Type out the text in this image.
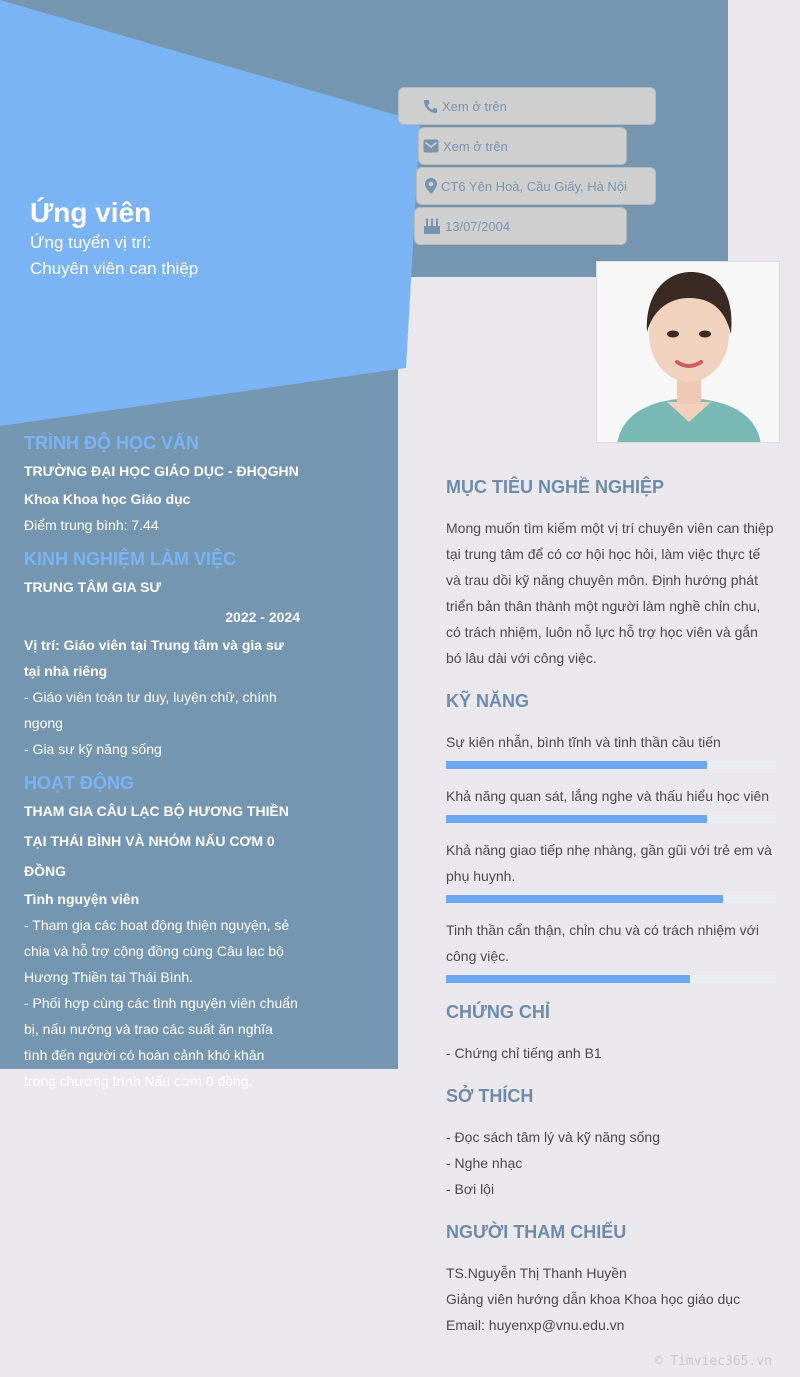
Ứng viên
Ứng tuyển vị trí:
Chuyên viên can thiệp
Xem ở trên
Xem ở trên
CT6 Yên Hoà, Cầu Giấy, Hà Nội
13/07/2004
TRÌNH ĐỘ HỌC VẤN
TRƯỜNG ĐẠI HỌC GIÁO DỤC - ĐHQGHN
Khoa Khoa học Giáo dục
Điểm trung bình: 7.44
KINH NGHIỆM LÀM VIỆC
TRUNG TÂM GIA SƯ
2022 - 2024
Vị trí: Giáo viên tại Trung tâm và gia sư tại nhà riêng
- Giáo viên toán tư duy, luyện chữ, chính ngọng
- Gia sư kỹ năng sống
HOẠT ĐỘNG
THAM GIA CÂU LẠC BỘ HƯƠNG THIỀN TẠI THÁI BÌNH VÀ NHÓM NẤU CƠM 0 ĐỒNG
Tình nguyện viên
- Tham gia các hoạt động thiện nguyện, sẻ chia và hỗ trợ cộng đồng cùng Câu lạc bộ Hương Thiền tại Thái Bình.
- Phối hợp cùng các tình nguyện viên chuẩn bị, nấu nướng và trao các suất ăn nghĩa tình đến người có hoàn cảnh khó khăn trong chương trình Nấu cơm 0 đồng.
MỤC TIÊU NGHỀ NGHIỆP
Mong muốn tìm kiếm một vị trí chuyên viên can thiệp tại trung tâm để có cơ hội học hỏi, làm việc thực tế và trau dồi kỹ năng chuyên môn. Định hướng phát triển bản thân thành một người làm nghề chỉn chu, có trách nhiệm, luôn nỗ lực hỗ trợ học viên và gắn bó lâu dài với công việc.
KỸ NĂNG
Sự kiên nhẫn, bình tĩnh và tinh thần cầu tiến
Khả năng quan sát, lắng nghe và thấu hiểu học viên
Khả năng giao tiếp nhẹ nhàng, gần gũi với trẻ em và phụ huynh.
Tinh thần cẩn thận, chỉn chu và có trách nhiệm với công việc.
CHỨNG CHỈ
- Chứng chỉ tiếng anh B1
SỞ THÍCH
- Đọc sách tâm lý và kỹ năng sống
- Nghe nhạc
- Bơi lội
NGƯỜI THAM CHIẾU
TS.Nguyễn Thị Thanh Huyền
Giảng viên hướng dẫn khoa Khoa học giáo dục
Email: huyenxp@vnu.edu.vn
© Timviec365.vn
